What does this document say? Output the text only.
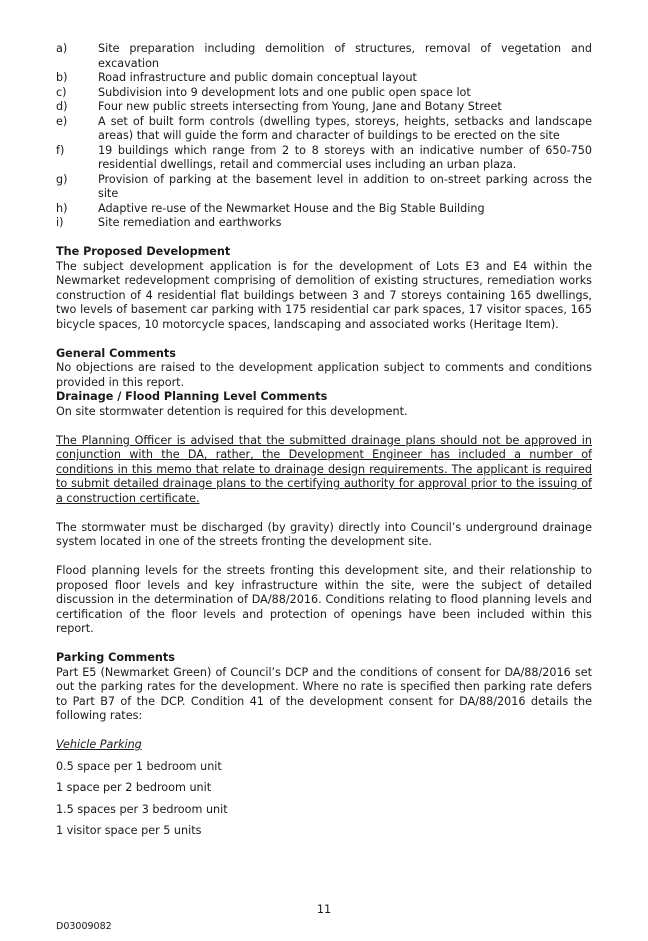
a)	Site preparation including demolition of structures, removal of vegetation and excavation
b)	Road infrastructure and public domain conceptual layout
c)	Subdivision into 9 development lots and one public open space lot
d)	Four new public streets intersecting from Young, Jane and Botany Street
e)	A set of built form controls (dwelling types, storeys, heights, setbacks and landscape areas) that will guide the form and character of buildings to be erected on the site
f)	19 buildings which range from 2 to 8 storeys with an indicative number of 650-750 residential dwellings, retail and commercial uses including an urban plaza.
g)	Provision of parking at the basement level in addition to on-street parking across the site
h)	Adaptive re-use of the Newmarket House and the Big Stable Building
i)	Site remediation and earthworks
The Proposed Development

The subject development application is for the development of Lots E3 and E4 within the Newmarket redevelopment comprising of demolition of existing structures, remediation works construction of 4 residential flat buildings between 3 and 7 storeys containing 165 dwellings, two levels of basement car parking with 175 residential car park spaces, 17 visitor spaces, 165 bicycle spaces, 10 motorcycle spaces, landscaping and associated works (Heritage Item).

General Comments

No objections are raised to the development application subject to comments and conditions provided in this report.

Drainage / Flood Planning Level Comments

On site stormwater detention is required for this development.

The Planning Officer is advised that the submitted drainage plans should not be approved in conjunction with the DA, rather, the Development Engineer has included a number of conditions in this memo that relate to drainage design requirements. The applicant is required to submit detailed drainage plans to the certifying authority for approval prior to the issuing of a construction certificate.

The stormwater must be discharged (by gravity) directly into Council’s underground drainage system located in one of the streets fronting the development site.

Flood planning levels for the streets fronting this development site, and their relationship to proposed floor levels and key infrastructure within the site, were the subject of detailed discussion in the determination of DA/88/2016. Conditions relating to flood planning levels and certification of the floor levels and protection of openings have been included within this report.

Parking Comments

Part E5 (Newmarket Green) of Council’s DCP and the conditions of consent for DA/88/2016 set out the parking rates for the development. Where no rate is specified then parking rate defers to Part B7 of the DCP. Condition 41 of the development consent for DA/88/2016 details the following rates:

Vehicle Parking

0.5 space per 1 bedroom unit

1 space per 2 bedroom unit

1.5 spaces per 3 bedroom unit

1 visitor space per 5 units

11
D03009082
